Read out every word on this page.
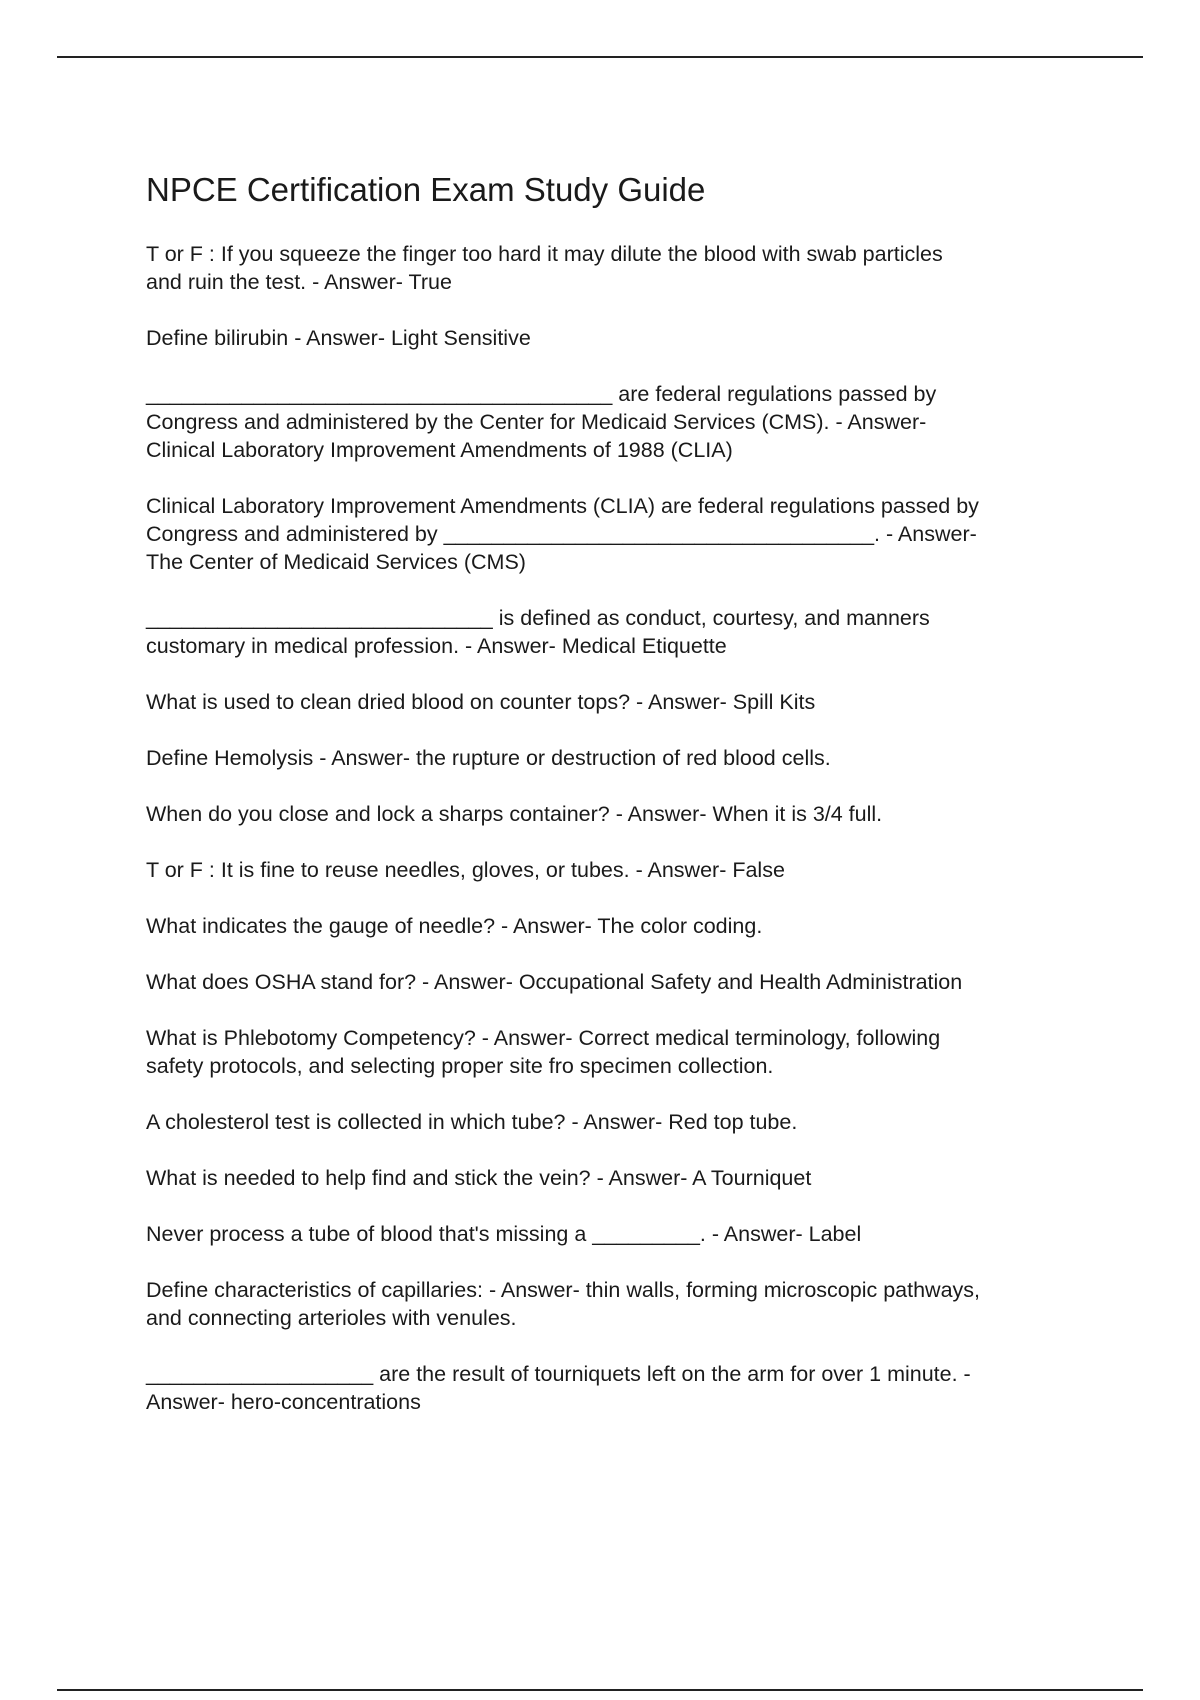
NPCE Certification Exam Study Guide
T or F : If you squeeze the finger too hard it may dilute the blood with swab particles
and ruin the test. - Answer- True
Define bilirubin - Answer- Light Sensitive
_______________________________________ are federal regulations passed by
Congress and administered by the Center for Medicaid Services (CMS). - Answer-
Clinical Laboratory Improvement Amendments of 1988 (CLIA)
Clinical Laboratory Improvement Amendments (CLIA) are federal regulations passed by
Congress and administered by ____________________________________. - Answer-
The Center of Medicaid Services (CMS)
_____________________________ is defined as conduct, courtesy, and manners
customary in medical profession. - Answer- Medical Etiquette
What is used to clean dried blood on counter tops? - Answer- Spill Kits
Define Hemolysis - Answer- the rupture or destruction of red blood cells.
When do you close and lock a sharps container? - Answer- When it is 3/4 full.
T or F : It is fine to reuse needles, gloves, or tubes. - Answer- False
What indicates the gauge of needle? - Answer- The color coding.
What does OSHA stand for? - Answer- Occupational Safety and Health Administration
What is Phlebotomy Competency? - Answer- Correct medical terminology, following
safety protocols, and selecting proper site fro specimen collection.
A cholesterol test is collected in which tube? - Answer- Red top tube.
What is needed to help find and stick the vein? - Answer- A Tourniquet
Never process a tube of blood that's missing a _________. - Answer- Label
Define characteristics of capillaries: - Answer- thin walls, forming microscopic pathways,
and connecting arterioles with venules.
___________________ are the result of tourniquets left on the arm for over 1 minute. -
Answer- hero-concentrations
